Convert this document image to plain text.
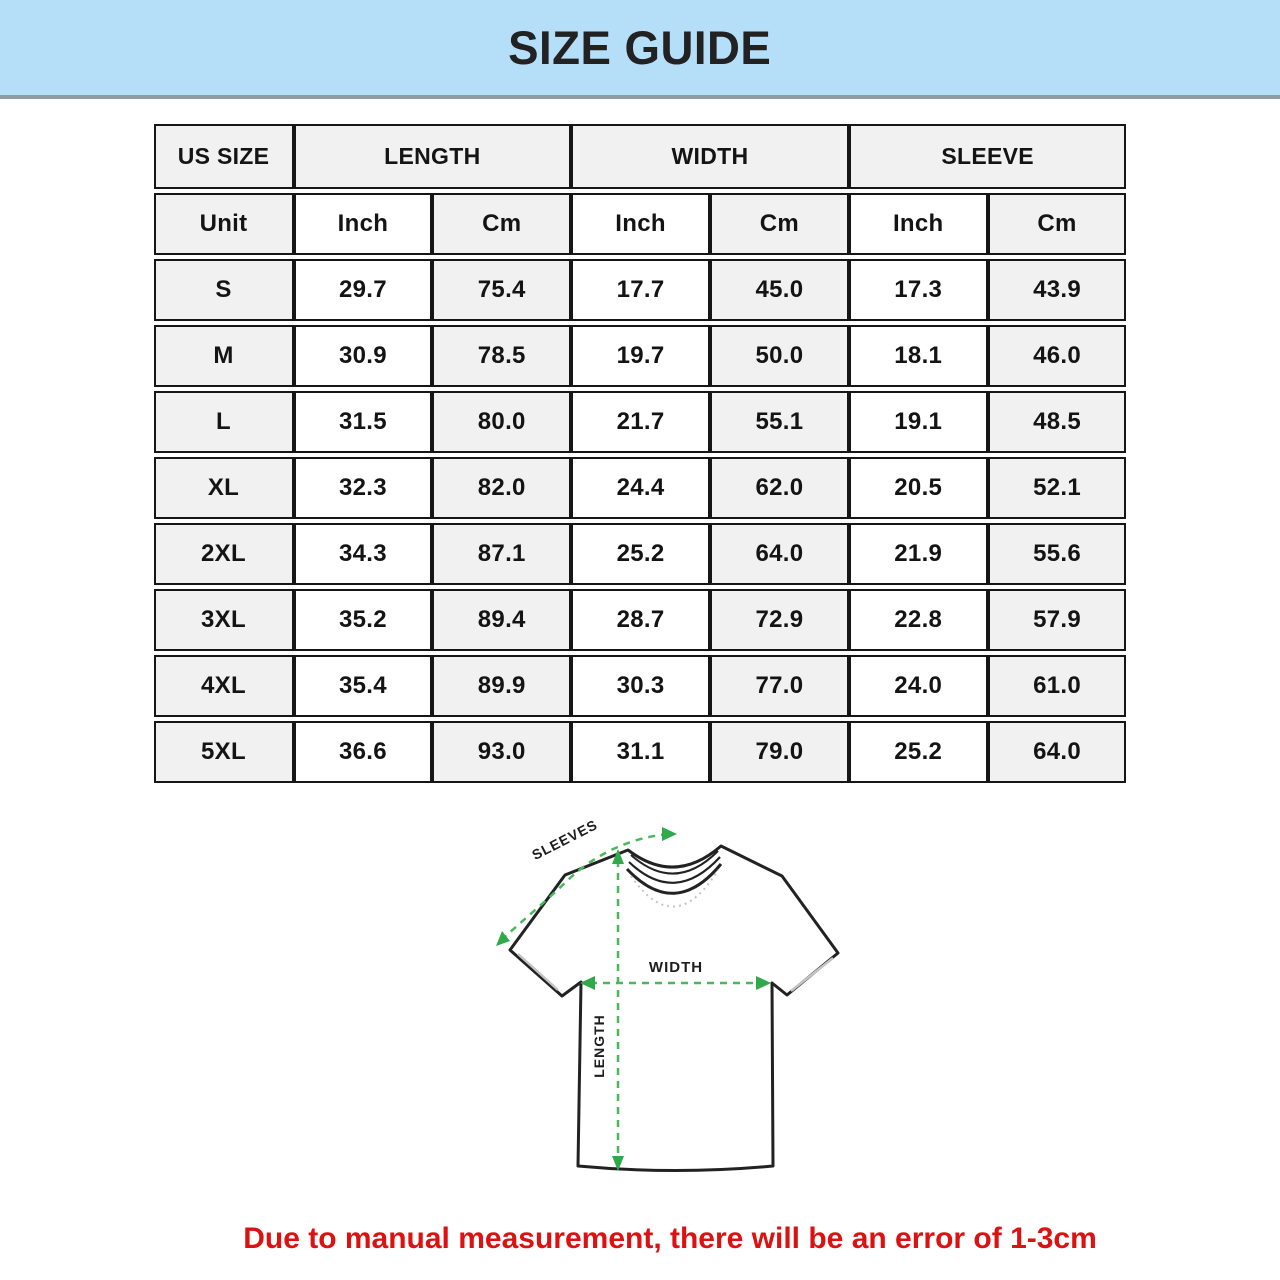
SIZE GUIDE
US SIZE	LENGTH	WIDTH	SLEEVE
Unit	Inch	Cm	Inch	Cm	Inch	Cm
S	29.7	75.4	17.7	45.0	17.3	43.9
M	30.9	78.5	19.7	50.0	18.1	46.0
L	31.5	80.0	21.7	55.1	19.1	48.5
XL	32.3	82.0	24.4	62.0	20.5	52.1
2XL	34.3	87.1	25.2	64.0	21.9	55.6
3XL	35.2	89.4	28.7	72.9	22.8	57.9
4XL	35.4	89.9	30.3	77.0	24.0	61.0
5XL	36.6	93.0	31.1	79.0	25.2	64.0
LENGTH
WIDTH
SLEEVES

Due to manual measurement, there will be an error of 1-3cm
